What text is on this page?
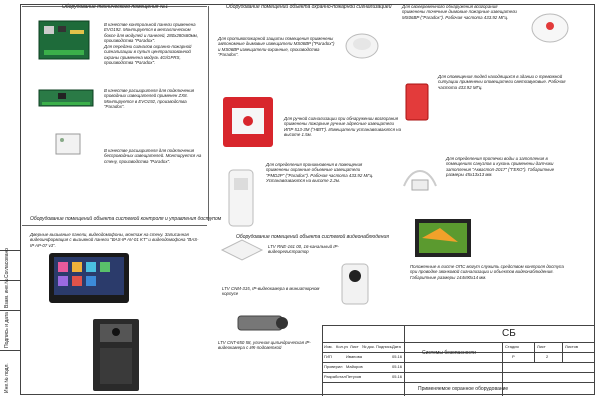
Согласовано
Взам. инв.№
Подпись и дата
Инв.№ подл.
Оборудование технического помещения №1
В качестве контрольной панели применена EVO192. Монтируется в металлическом боксе для модулей и панелей, 280х280х80мм, производства "Paradox".
Для передачи сигналов охранно-пожарной сигнализации в пульт централизованной охраны применена модуль 4G/GPRS, производства "Paradox".
В качестве расширителя для подключения проводных извещателей применен ZX8. Монтируется в EVO192, производства "Paradox".
В качестве расширителя для подключения беспроводных извещателей. Монтируется на стену, производства "Paradox".
Оборудование помещений объекта системой контроля и управления доступом
Дверные вызывные панели, видеодомофоны, монтаж на стену. Записанная видеоинформация с вызывной панели "BAS-IP AV-01 KT" и видеодомофона "BAS-IP AP-07 v3".
Оборудование помещений объекта охранно-пожарной сигнализацией
Для противопожарной защиты помещения применены автономные дымовые извещатели МS06BP ("Paradox") и MS06BP извещатели-охранные, производства "Paradox".
Для ручной сигнализации при обнаружении возгорания применены пожарные ручные адресные извещатели ИПР 513-3М ("НВП"). Извещатели устанавливаются на высоте 1.5м.
Для определения проникновения в помещения применены охранные объемные извещатели "PMD2P" ("Paradox"). Рабочая частота 433.92 МГц. Устанавливаются на высоте 2.2м.
Для своевременного обнаружения возгорания применены точечные дымовые пожарные извещатели MS06BP ("Paradox"). Рабочая частота 433.92 МГц.
Для оповещения людей находящихся в здании о тревожной ситуации применены оповещатели светозвуковые. Рабочая частота 433.92 МГц.
Для определения протечки воды и затопления в помещениях санузлов и кухонь применены датчики затопления "Аквастоп-2017" ("ГЕКО"). Габаритные размеры 45х13х13 мм.
Оборудование помещений объекта системой видеонаблюдения
LTV RNE-161 00, 16-канальный IP-видеорегистратор
LTV CNM-315, IP-видеокамера в миниатюрном корпусе
LTV CNT-650 58, уличная цилиндрическая IP-видеокамера с ИК-подсветкой
Положенные в листе ОПС могут служить средством контроля доступа при проводке звонковой сигнализации и объектов видеонаблюдения. Габаритные размеры 144х90х14 мм.
СБ
Изм. Кол.уч Лист № док. Подпись Дата
ГИП	Иванова	05.16
Проверил Майоров	05.16
Разработал Петухов	05.16
Системы безопасности
Стадия	Лист	Листов
Р	2
Применяемое охранное оборудование
